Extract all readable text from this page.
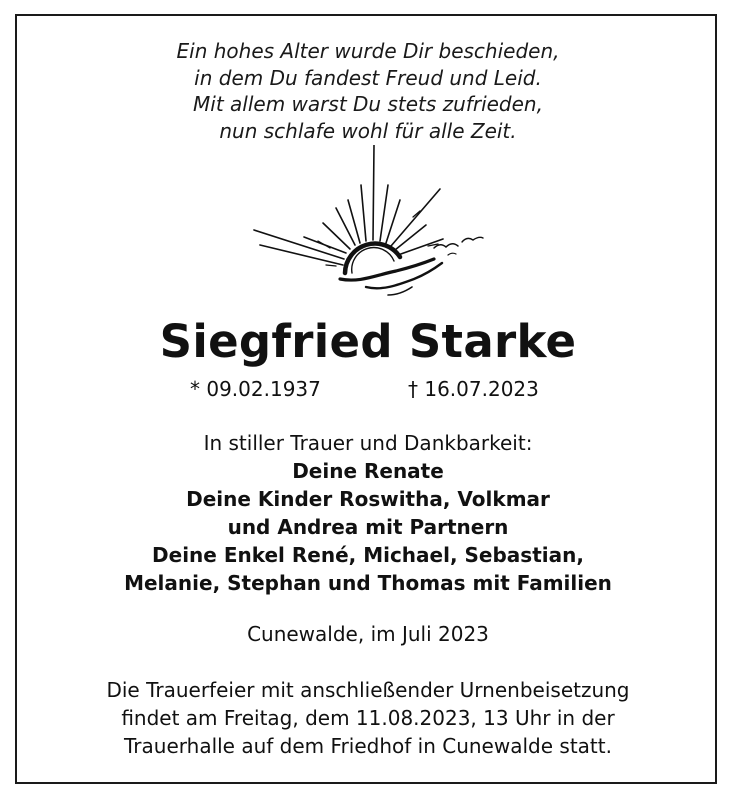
Ein hohes Alter wurde Dir beschieden,
in dem Du fandest Freud und Leid.
Mit allem warst Du stets zufrieden,
nun schlafe wohl für alle Zeit.
Siegfried Starke
* 09.02.1937	† 16.07.2023
In stiller Trauer und Dankbarkeit:
Deine Renate
Deine Kinder Roswitha, Volkmar
und Andrea mit Partnern
Deine Enkel René, Michael, Sebastian,
Melanie, Stephan und Thomas mit Familien
Cunewalde, im Juli 2023
Die Trauerfeier mit anschließender Urnenbeisetzung
findet am Freitag, dem 11.08.2023, 13 Uhr in der
Trauerhalle auf dem Friedhof in Cunewalde statt.
